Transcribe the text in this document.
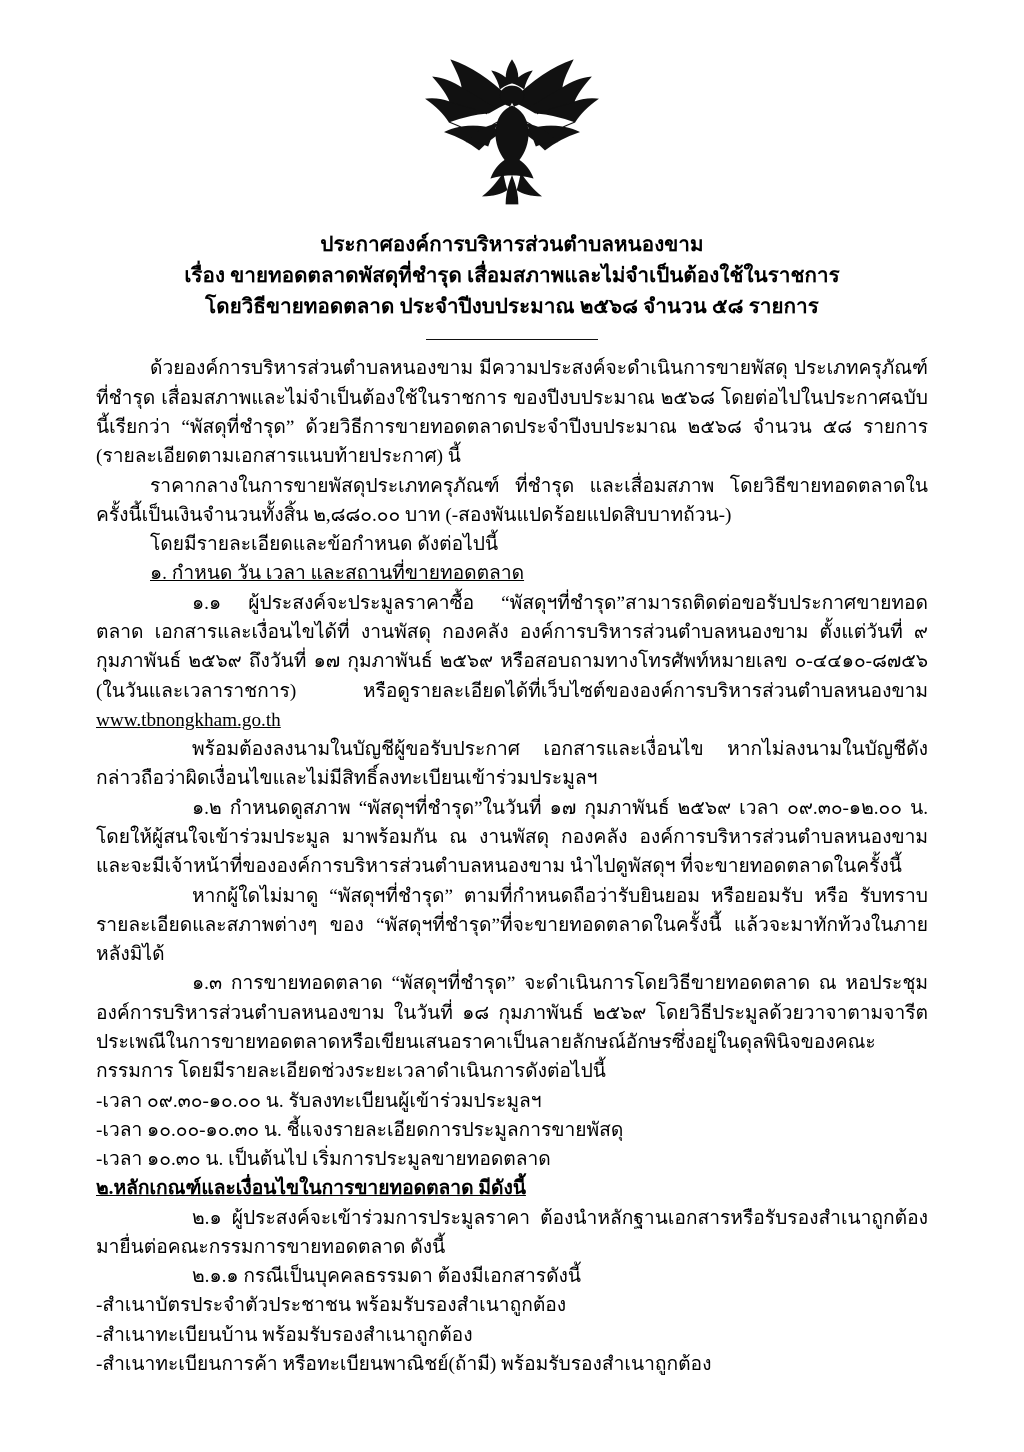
ประกาศองค์การบริหารส่วนตำบลหนองขาม
เรื่อง ขายทอดตลาดพัสดุที่ชำรุด เสื่อมสภาพและไม่จำเป็นต้องใช้ในราชการ
โดยวิธีขายทอดตลาด ประจำปีงบประมาณ ๒๕๖๘ จำนวน ๕๘ รายการ

ด้วยองค์การบริหารส่วนตำบลหนองขาม มีความประสงค์จะดำเนินการขายพัสดุ ประเภทครุภัณฑ์ที่ชำรุด เสื่อมสภาพและไม่จำเป็นต้องใช้ในราชการ ของปีงบประมาณ ๒๕๖๘ โดยต่อไปในประกาศฉบับนี้เรียกว่า “พัสดุที่ชำรุด” ด้วยวิธีการขายทอดตลาดประจำปีงบประมาณ ๒๕๖๘ จำนวน ๕๘ รายการ (รายละเอียดตามเอกสารแนบท้ายประกาศ) นี้

ราคากลางในการขายพัสดุประเภทครุภัณฑ์ ที่ชำรุด และเสื่อมสภาพ โดยวิธีขายทอดตลาดในครั้งนี้เป็นเงินจำนวนทั้งสิ้น ๒,๘๘๐.๐๐ บาท (-สองพันแปดร้อยแปดสิบบาทถ้วน-)

โดยมีรายละเอียดและข้อกำหนด ดังต่อไปนี้

๑. กำหนด วัน เวลา และสถานที่ขายทอดตลาด

๑.๑ ผู้ประสงค์จะประมูลราคาซื้อ “พัสดุฯที่ชำรุด”สามารถติดต่อขอรับประกาศขายทอดตลาด เอกสารและเงื่อนไขได้ที่ งานพัสดุ กองคลัง องค์การบริหารส่วนตำบลหนองขาม ตั้งแต่วันที่ ๙ กุมภาพันธ์ ๒๕๖๙ ถึงวันที่ ๑๗ กุมภาพันธ์ ๒๕๖๙ หรือสอบถามทางโทรศัพท์หมายเลข ๐-๔๔๑๐-๘๗๕๖ (ในวันและเวลาราชการ) หรือดูรายละเอียดได้ที่เว็บไซต์ขององค์การบริหารส่วนตำบลหนองขาม www.tbnongkham.go.th

พร้อมต้องลงนามในบัญชีผู้ขอรับประกาศ เอกสารและเงื่อนไข หากไม่ลงนามในบัญชีดังกล่าวถือว่าผิดเงื่อนไขและไม่มีสิทธิ์ลงทะเบียนเข้าร่วมประมูลฯ

๑.๒ กำหนดดูสภาพ “พัสดุฯที่ชำรุด”ในวันที่ ๑๗ กุมภาพันธ์ ๒๕๖๙ เวลา ๐๙.๓๐-๑๒.๐๐ น. โดยให้ผู้สนใจเข้าร่วมประมูล มาพร้อมกัน ณ งานพัสดุ กองคลัง องค์การบริหารส่วนตำบลหนองขาม และจะมีเจ้าหน้าที่ขององค์การบริหารส่วนตำบลหนองขาม นำไปดูพัสดุฯ ที่จะขายทอดตลาดในครั้งนี้

หากผู้ใดไม่มาดู “พัสดุฯที่ชำรุด” ตามที่กำหนดถือว่ารับยินยอม หรือยอมรับ หรือ รับทราบ รายละเอียดและสภาพต่างๆ ของ “พัสดุฯที่ชำรุด”ที่จะขายทอดตลาดในครั้งนี้ แล้วจะมาทักท้วงในภายหลังมิได้

๑.๓ การขายทอดตลาด “พัสดุฯที่ชำรุด” จะดำเนินการโดยวิธีขายทอดตลาด ณ หอประชุมองค์การบริหารส่วนตำบลหนองขาม ในวันที่ ๑๘ กุมภาพันธ์ ๒๕๖๙ โดยวิธีประมูลด้วยวาจาตามจารีตประเพณีในการขายทอดตลาดหรือเขียนเสนอราคาเป็นลายลักษณ์อักษรซึ่งอยู่ในดุลพินิจของคณะกรรมการ โดยมีรายละเอียดช่วงระยะเวลาดำเนินการดังต่อไปนี้

-เวลา ๐๙.๓๐-๑๐.๐๐ น. รับลงทะเบียนผู้เข้าร่วมประมูลฯ

-เวลา ๑๐.๐๐-๑๐.๓๐ น. ชี้แจงรายละเอียดการประมูลการขายพัสดุ

-เวลา ๑๐.๓๐ น. เป็นต้นไป เริ่มการประมูลขายทอดตลาด

๒.หลักเกณฑ์และเงื่อนไขในการขายทอดตลาด มีดังนี้

๒.๑ ผู้ประสงค์จะเข้าร่วมการประมูลราคา ต้องนำหลักฐานเอกสารหรือรับรองสำเนาถูกต้องมายื่นต่อคณะกรรมการขายทอดตลาด ดังนี้

๒.๑.๑ กรณีเป็นบุคคลธรรมดา ต้องมีเอกสารดังนี้

-สำเนาบัตรประจำตัวประชาชน พร้อมรับรองสำเนาถูกต้อง

-สำเนาทะเบียนบ้าน พร้อมรับรองสำเนาถูกต้อง

-สำเนาทะเบียนการค้า หรือทะเบียนพาณิชย์(ถ้ามี) พร้อมรับรองสำเนาถูกต้อง
